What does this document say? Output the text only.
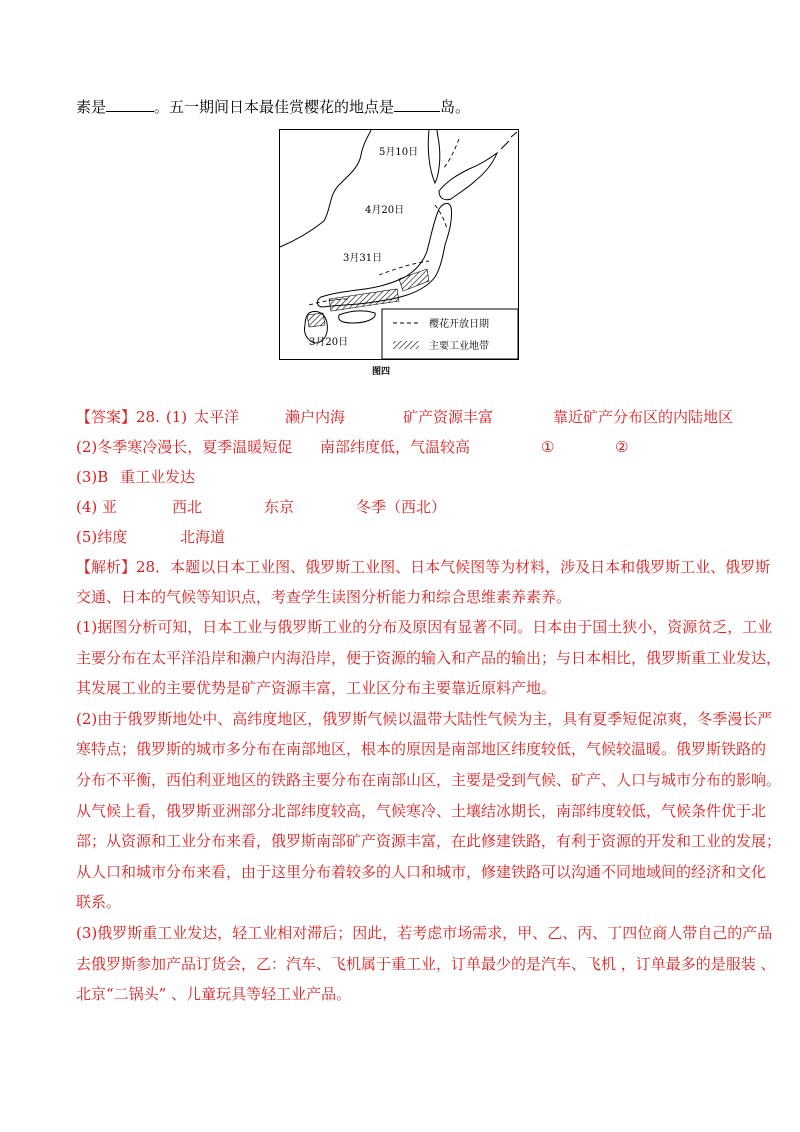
素是	。五一期间日本最佳赏樱花的地点是	岛。
5月10日
4月20日
3月31日
3月20日
樱花开放日期
主要工业地带
图四
【答案】28. (1) 太平洋	濑户内海	矿产资源丰富	靠近矿产分布区的内陆地区
(2)冬季寒冷漫长，夏季温暖短促 南部纬度低，气温较高	①	②
(3)B 重工业发达
(4) 亚	西北	东京	冬季（西北）
(5)纬度	北海道
【解析】28．本题以日本工业图、俄罗斯工业图、日本气候图等为材料，涉及日本和俄罗斯工业、俄罗斯
交通、日本的气候等知识点，考查学生读图分析能力和综合思维素养素养。
(1)据图分析可知，日本工业与俄罗斯工业的分布及原因有显著不同。日本由于国土狭小，资源贫乏，工业
主要分布在太平洋沿岸和濑户内海沿岸，便于资源的输入和产品的输出；与日本相比，俄罗斯重工业发达，
其发展工业的主要优势是矿产资源丰富，工业区分布主要靠近原料产地。
(2)由于俄罗斯地处中、高纬度地区，俄罗斯气候以温带大陆性气候为主，具有夏季短促凉爽，冬季漫长严
寒特点；俄罗斯的城市多分布在南部地区，根本的原因是南部地区纬度较低，气候较温暖。俄罗斯铁路的
分布不平衡，西伯利亚地区的铁路主要分布在南部山区，主要是受到气候、矿产、人口与城市分布的影响。
从气候上看，俄罗斯亚洲部分北部纬度较高，气候寒冷、土壤结冰期长，南部纬度较低，气候条件优于北
部；从资源和工业分布来看，俄罗斯南部矿产资源丰富，在此修建铁路，有利于资源的开发和工业的发展；
从人口和城市分布来看，由于这里分布着较多的人口和城市，修建铁路可以沟通不同地域间的经济和文化
联系。
(3)俄罗斯重工业发达，轻工业相对滞后；因此，若考虑市场需求，甲、乙、丙、丁四位商人带自己的产品
去俄罗斯参加产品订货会，乙：汽车、飞机属于重工业，订单最少的是汽车、飞机 ，订单最多的是服装 、
北京“二锅头” 、儿童玩具等轻工业产品。
